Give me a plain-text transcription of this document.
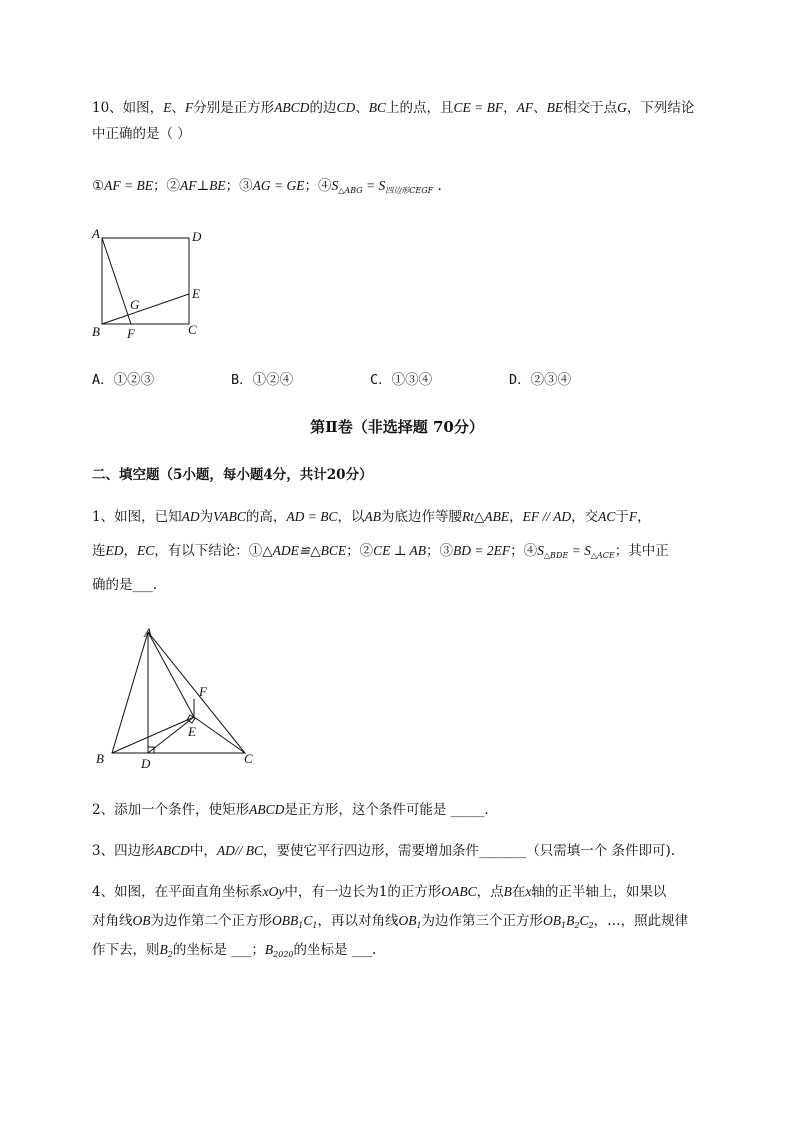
10、如图，E、F分别是正方形ABCD的边CD、BC上的点，且CE = BF，AF、BE相交于点G，下列结论
中正确的是（ ）
①AF = BE；②AF⊥BE；③AG = GE；$④S_{\triangle ABG} = S_{四边形CEGF}$ .
A	D
E
G
B F	C
A．①②③	B．①②④	C．①③④	D．②③④
第Ⅱ卷（非选择题 70分）
二、填空题（5小题，每小题4分，共计20分）
1、如图，已知AD为VABC的高，AD = BC，以AB为底边作等腰Rt△ABE，EF // AD，交AC于F，
连ED，EC，有以下结论：①△ADE≌△BCE；②CE ⊥ AB；③BD = 2EF；$④S_{\triangle BDE} = S_{\triangle ACE}$；其中正
确的是___.
A
F
E
B	D	C
2、添加一个条件，使矩形ABCD是正方形，这个条件可能是 _____.
3、四边形ABCD中，AD// BC，要使它平行四边形，需要增加条件_______（只需填一个 条件即可).
4、如图，在平面直角坐标系xOy中，有一边长为1的正方形OABC，点B在x轴的正半轴上，如果以
对角线OB为边作第二个正方形$OBB_1C_1$，再以对角线$OB_1$为边作第三个正方形$OB_1B_2C_2$，…，照此规律
作下去，则$B_2$的坐标是 ___；$B_{2020}$的坐标是 ___.
